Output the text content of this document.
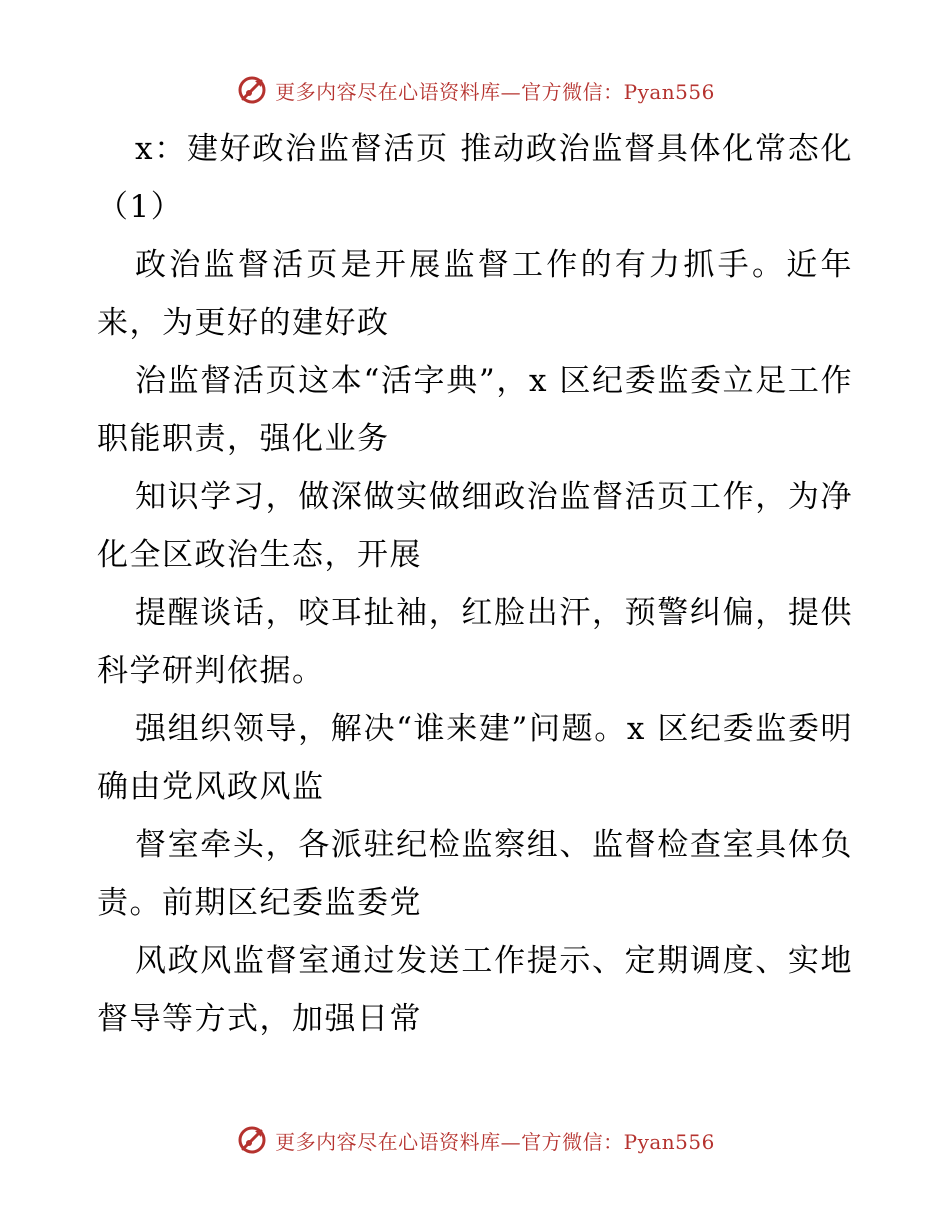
更多内容尽在心语资料库—官方微信：Pyan556

x：建好政治监督活页 推动政治监督具体化常态化（1）

政治监督活页是开展监督工作的有力抓手。近年来，为更好的建好政

治监督活页这本“活字典”，x 区纪委监委立足工作职能职责，强化业务

知识学习，做深做实做细政治监督活页工作，为净化全区政治生态，开展

提醒谈话，咬耳扯袖，红脸出汗，预警纠偏，提供科学研判依据。

强组织领导，解决“谁来建”问题。x 区纪委监委明确由党风政风监

督室牵头，各派驻纪检监察组、监督检查室具体负责。前期区纪委监委党

风政风监督室通过发送工作提示、定期调度、实地督导等方式，加强日常

更多内容尽在心语资料库—官方微信：Pyan556
